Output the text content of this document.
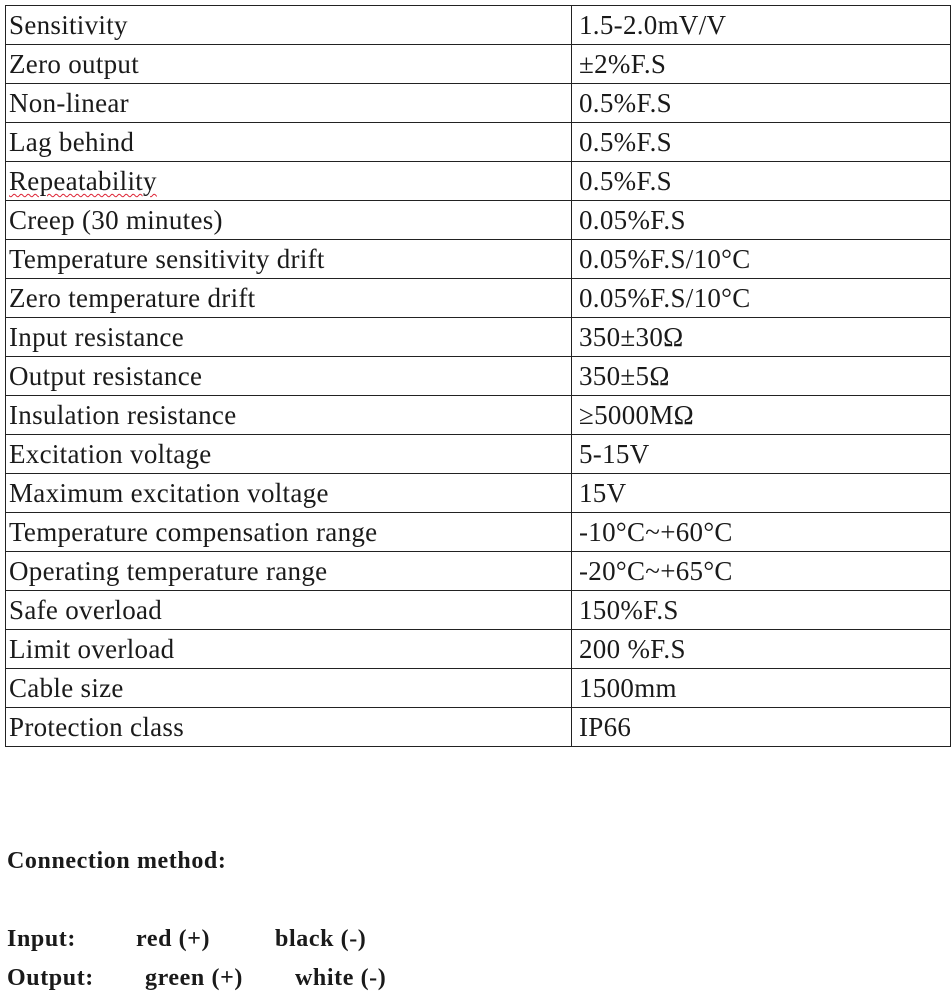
Sensitivity	1.5-2.0mV/V
Zero output	±2%F.S
Non-linear	0.5%F.S
Lag behind	0.5%F.S
Repeatability	0.5%F.S
Creep (30 minutes)	0.05%F.S
Temperature sensitivity drift	0.05%F.S/10°C
Zero temperature drift	0.05%F.S/10°C
Input resistance	350±30Ω
Output resistance	350±5Ω
Insulation resistance	≥5000MΩ
Excitation voltage	5-15V
Maximum excitation voltage	15V
Temperature compensation range	-10°C~+60°C
Operating temperature range	-20°C~+65°C
Safe overload	150%F.S
Limit overload	200 %F.S
Cable size	1500mm
Protection class	IP66
Connection method:
Input:	red (+)	black (-)
Output: green (+) white (-)
